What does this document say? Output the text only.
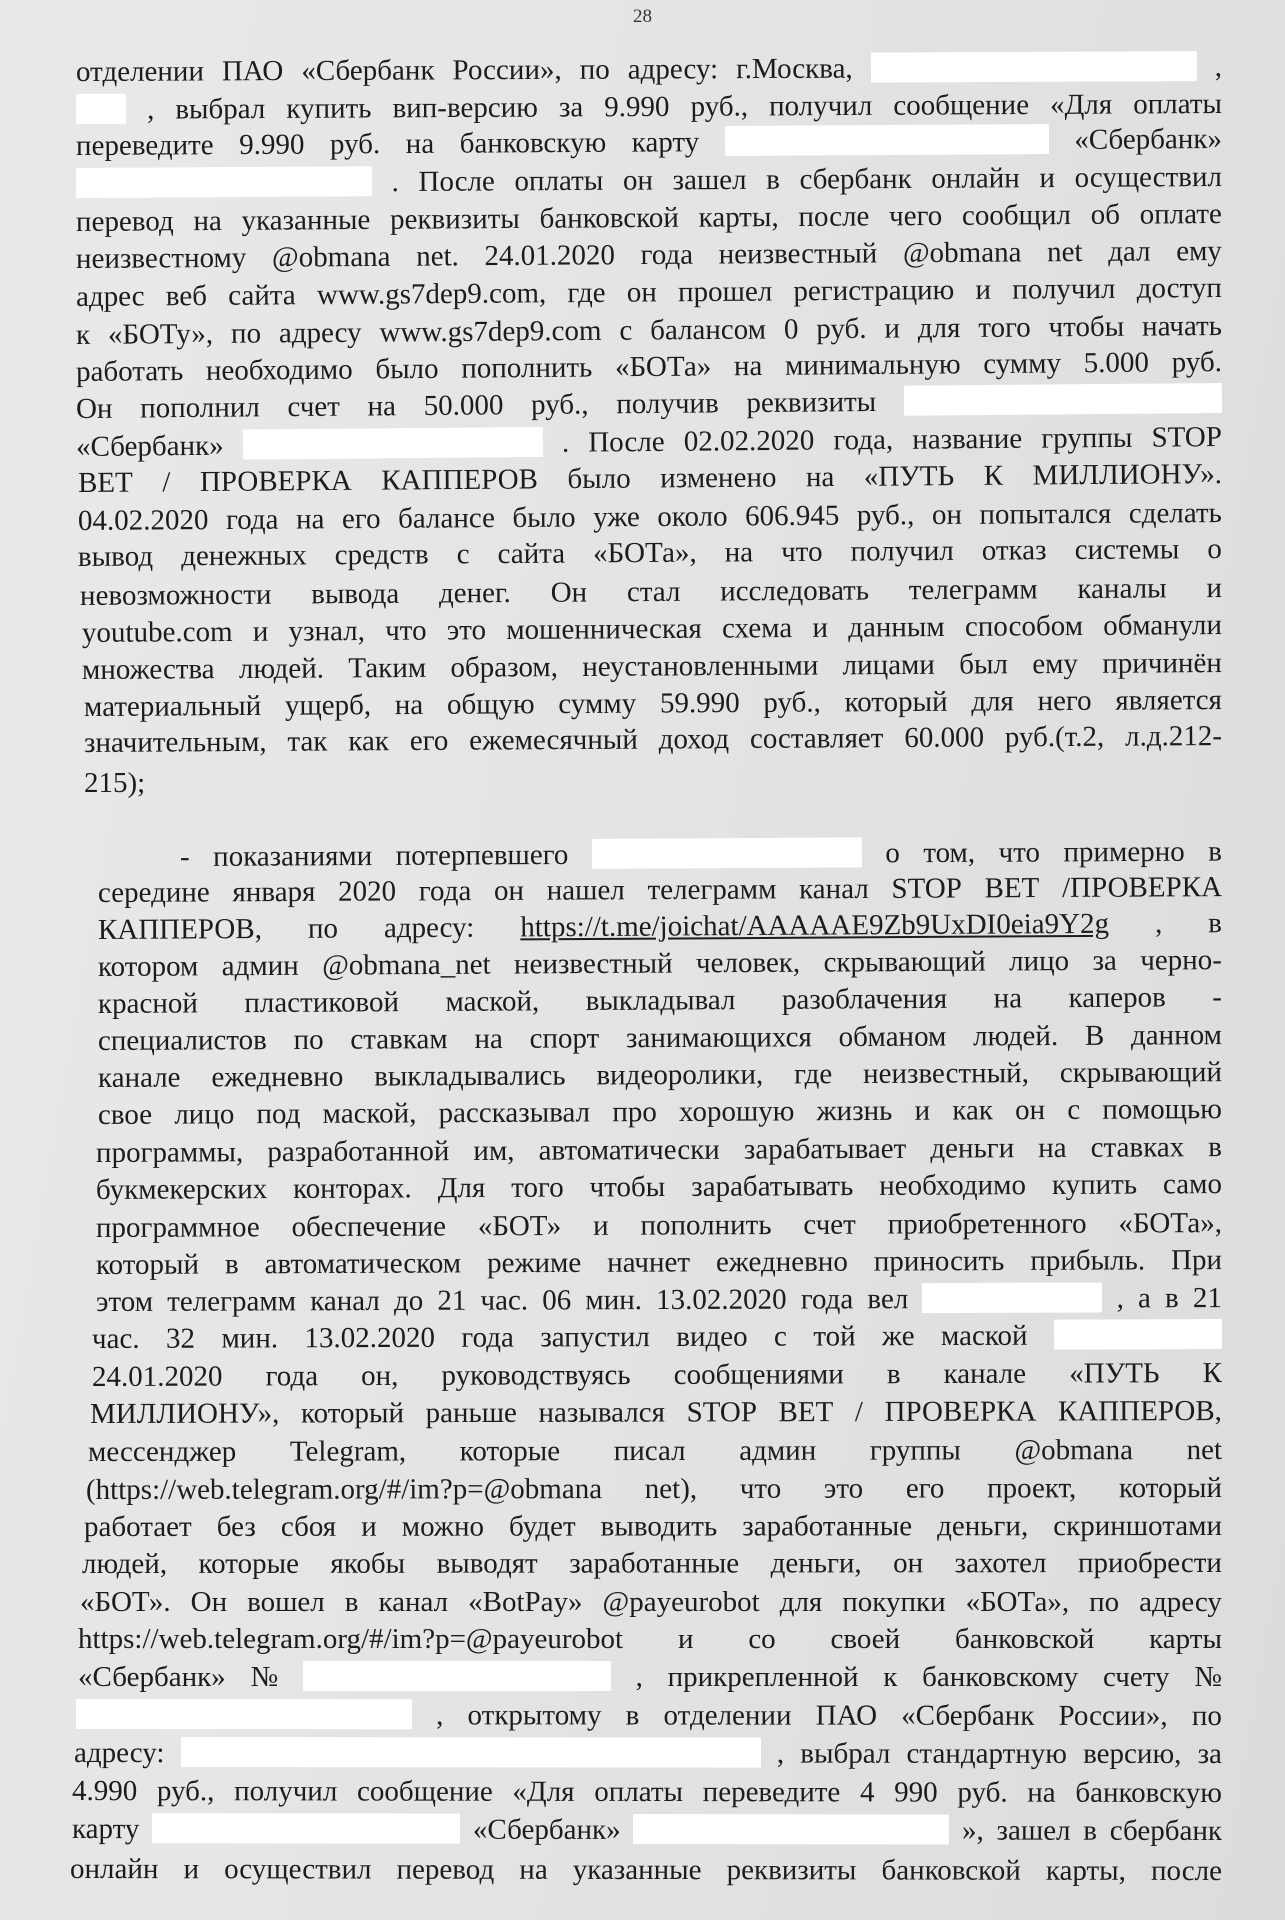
28
отделении ПАО «Сбербанк России», по адресу: г.Москва,	,
, выбрал купить вип-версию за 9.990 руб., получил сообщение «Для оплаты
переведите 9.990 руб. на банковскую карту	«Сбербанк»
. После оплаты он зашел в сбербанк онлайн и осуществил
перевод на указанные реквизиты банковской карты, после чего сообщил об оплате
неизвестному @obmana net. 24.01.2020 года неизвестный @obmana net дал ему
адрес веб сайта www.gs7dep9.com, где он прошел регистрацию и получил доступ
к «БОТу», по адресу www.gs7dep9.com с балансом 0 руб. и для того чтобы начать
работать необходимо было пополнить «БОТа» на минимальную сумму 5.000 руб.
Он пополнил счет на 50.000 руб., получив реквизиты
«Сбербанк»	. После 02.02.2020 года, название группы STOP
BET / ПРОВЕРКА КАППЕРОВ было изменено на «ПУТЬ К МИЛЛИОНУ».
04.02.2020 года на его балансе было уже около 606.945 руб., он попытался сделать
вывод денежных средств с сайта «БОТа», на что получил отказ системы о
невозможности вывода денег. Он стал исследовать телеграмм каналы и
youtube.com и узнал, что это мошенническая схема и данным способом обманули
множества людей. Таким образом, неустановленными лицами был ему причинён
материальный ущерб, на общую сумму 59.990 руб., который для него является
значительным, так как его ежемесячный доход составляет 60.000 руб.(т.2, л.д.212-
215);
- показаниями потерпевшего	о том, что примерно в
середине января 2020 года он нашел телеграмм канал STOP BET /ПРОВЕРКА
КАППЕРОВ, по адресу: https://t.me/joichat/AAAAAE9Zb9UxDI0eia9Y2g , в
котором админ @obmana_net неизвестный человек, скрывающий лицо за черно-
красной пластиковой маской, выкладывал разоблачения на каперов -
специалистов по ставкам на спорт занимающихся обманом людей. В данном
канале ежедневно выкладывались видеоролики, где неизвестный, скрывающий
свое лицо под маской, рассказывал про хорошую жизнь и как он с помощью
программы, разработанной им, автоматически зарабатывает деньги на ставках в
букмекерских конторах. Для того чтобы зарабатывать необходимо купить само
программное обеспечение «БОТ» и пополнить счет приобретенного «БОТа»,
который в автоматическом режиме начнет ежедневно приносить прибыль. При
этом телеграмм канал до 21 час. 06 мин. 13.02.2020 года вел	, а в 21
час. 32 мин. 13.02.2020 года запустил видео с той же маской
24.01.2020 года он, руководствуясь сообщениями в канале «ПУТЬ К
МИЛЛИОНУ», который раньше назывался STOP BET / ПРОВЕРКА КАППЕРОВ,
мессенджер Telegram, которые писал админ группы @obmana net
(https://web.telegram.org/#/im?p=@obmana net), что это его проект, который
работает без сбоя и можно будет выводить заработанные деньги, скриншотами
людей, которые якобы выводят заработанные деньги, он захотел приобрести
«БОТ». Он вошел в канал «BotPay» @payeurobot для покупки «БОТа», по адресу
https://web.telegram.org/#/im?p=@payeurobot и со своей банковской карты
«Сбербанк» №	, прикрепленной к банковскому счету №
, открытому в отделении ПАО «Сбербанк России», по
адресу:	, выбрал стандартную версию, за
4.990 руб., получил сообщение «Для оплаты переведите 4 990 руб. на банковскую
карту	«Сбербанк»	», зашел в сбербанк
онлайн и осуществил перевод на указанные реквизиты банковской карты, после
